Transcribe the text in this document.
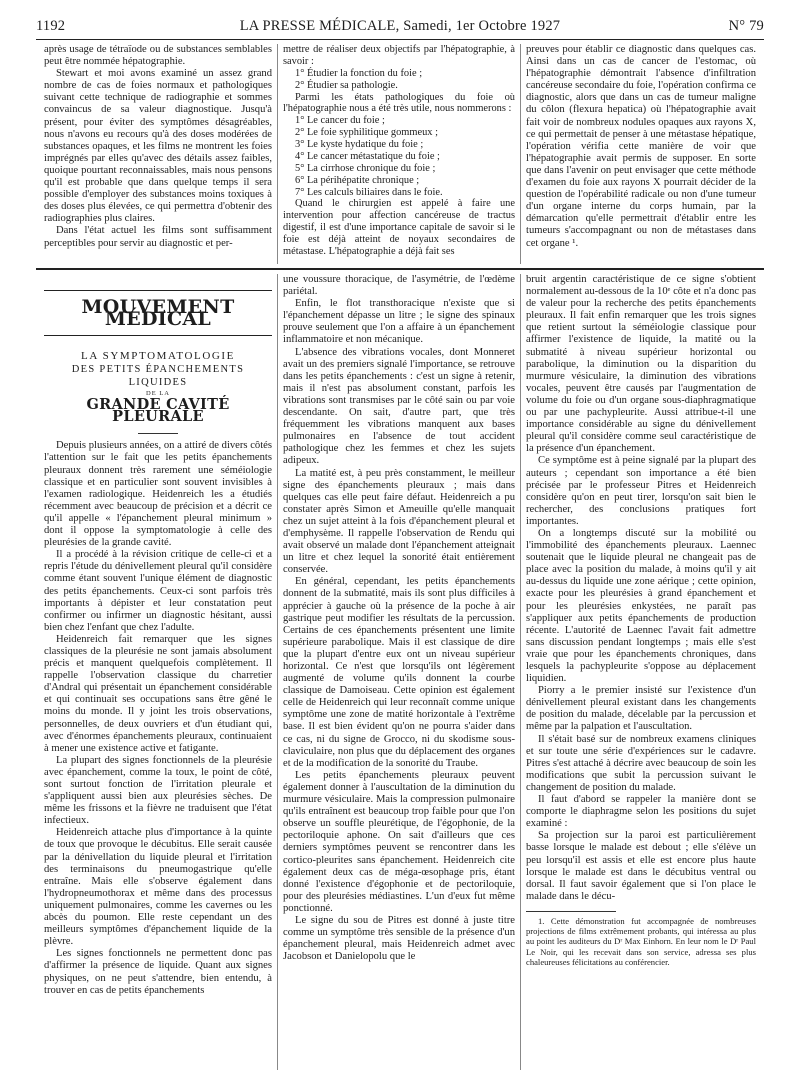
1192	LA PRESSE MÉDICALE, Samedi, 1er Octobre 1927	N° 79

après usage de tétraïode ou de substances semblables peut être nommée hépatographie.

Stewart et moi avons examiné un assez grand nombre de cas de foies normaux et pathologiques suivant cette technique de radiographie et sommes convaincus de sa valeur diagnostique. Jusqu'à présent, pour éviter des symptômes désagréables, nous n'avons eu recours qu'à des doses modérées de substances opaques, et les films ne montrent les foies imprégnés par elles qu'avec des détails assez faibles, quoique pourtant reconnaissables, mais nous pensons qu'il est probable que dans quelque temps il sera possible d'employer des substances moins toxiques à des doses plus élevées, ce qui permettra d'obtenir des radiographies plus claires.

Dans l'état actuel les films sont suffisamment perceptibles pour servir au diagnostic et per-

mettre de réaliser deux objectifs par l'hépatographie, à savoir :

1° Étudier la fonction du foie ;

2° Étudier sa pathologie.

Parmi les états pathologiques du foie où l'hépatographie nous a été très utile, nous nommerons :

1° Le cancer du foie ;

2° Le foie syphilitique gommeux ;

3° Le kyste hydatique du foie ;

4° Le cancer métastatique du foie ;

5° La cirrhose chronique du foie ;

6° La périhépatite chronique ;

7° Les calculs biliaires dans le foie.

Quand le chirurgien est appelé à faire une intervention pour affection cancéreuse de tractus digestif, il est d'une importance capitale de savoir si le foie est déjà atteint de noyaux secondaires de métastase. L'hépatographie a déjà fait ses

preuves pour établir ce diagnostic dans quelques cas. Ainsi dans un cas de cancer de l'estomac, où l'hépatographie démontrait l'absence d'infiltration cancéreuse secondaire du foie, l'opération confirma ce diagnostic, alors que dans un cas de tumeur maligne du côlon (flexura hepatica) où l'hépatographie avait fait voir de nombreux nodules opaques aux rayons X, ce qui permettait de penser à une métastase hépatique, l'opération vérifia cette manière de voir que l'hépatographie avait permis de supposer. En sorte que dans l'avenir on peut envisager que cette méthode d'examen du foie aux rayons X pourrait décider de la question de l'opérabilité radicale ou non d'une tumeur d'un organe interne du corps humain, par la démarcation qu'elle permettrait d'établir entre les tumeurs s'accompagnant ou non de métastases dans cet organe ¹.

MOUVEMENT MÉDICAL
LA SYMPTOMATOLOGIE
DES PETITS ÉPANCHEMENTS LIQUIDES
DE LA
GRANDE CAVITÉ PLEURALE

Depuis plusieurs années, on a attiré de divers côtés l'attention sur le fait que les petits épanchements pleuraux donnent très rarement une séméiologie classique et en particulier sont souvent invisibles à l'examen radiologique. Heidenreich les a étudiés récemment avec beaucoup de précision et a décrit ce qu'il appelle « l'épanchement pleural minimum » dont il oppose la symptomatologie à celle des pleurésies de la grande cavité.

Il a procédé à la révision critique de celle-ci et a repris l'étude du dénivellement pleural qu'il considère comme étant souvent l'unique élément de diagnostic des petits épanchements. Ceux-ci sont parfois très importants à dépister et leur constatation peut confirmer ou infirmer un diagnostic hésitant, aussi bien chez l'enfant que chez l'adulte.

Heidenreich fait remarquer que les signes classiques de la pleurésie ne sont jamais absolument précis et manquent quelquefois complètement. Il rappelle l'observation classique du charretier d'Andral qui présentait un épanchement considérable et qui continuait ses occupations sans être gêné le moins du monde. Il y joint les trois observations, personnelles, de deux ouvriers et d'un étudiant qui, avec d'énormes épanchements pleuraux, continuaient à mener une existence active et fatigante.

La plupart des signes fonctionnels de la pleurésie avec épanchement, comme la toux, le point de côté, sont surtout fonction de l'irritation pleurale et s'appliquent aussi bien aux pleurésies sèches. De même les frissons et la fièvre ne traduisent que l'état infectieux.

Heidenreich attache plus d'importance à la quinte de toux que provoque le décubitus. Elle serait causée par la dénivellation du liquide pleural et l'irritation des terminaisons du pneumogastrique qu'elle entraîne. Mais elle s'observe également dans l'hydropneumothorax et même dans des processus uniquement pulmonaires, comme les cavernes ou les abcès du poumon. Elle reste cependant un des meilleurs symptômes d'épanchement liquide de la plèvre.

Les signes fonctionnels ne permettent donc pas d'affirmer la présence de liquide. Quant aux signes physiques, on ne peut s'attendre, bien entendu, à trouver en cas de petits épanchements

une voussure thoracique, de l'asymétrie, de l'œdème pariétal.

Enfin, le flot transthoracique n'existe que si l'épanchement dépasse un litre ; le signe des spinaux prouve seulement que l'on a affaire à un épanchement inflammatoire et non mécanique.

L'absence des vibrations vocales, dont Monneret avait un des premiers signalé l'importance, se retrouve dans les petits épanchements : c'est un signe à retenir, mais il n'est pas absolument constant, parfois les vibrations sont transmises par le côté sain ou par voie descendante. On sait, d'autre part, que très fréquemment les vibrations manquent aux bases pulmonaires en l'absence de tout accident pathologique chez les femmes et chez les sujets adipeux.

La matité est, à peu près constamment, le meilleur signe des épanchements pleuraux ; mais dans quelques cas elle peut faire défaut. Heidenreich a pu constater après Simon et Ameuille qu'elle manquait chez un sujet atteint à la fois d'épanchement pleural et d'emphysème. Il rappelle l'observation de Rendu qui avait observé un malade dont l'épanchement atteignait un litre et chez lequel la sonorité était entièrement conservée.

En général, cependant, les petits épanchements donnent de la submatité, mais ils sont plus difficiles à apprécier à gauche où la présence de la poche à air gastrique peut modifier les résultats de la percussion. Certains de ces épanchements présentent une limite supérieure parabolique. Mais il est classique de dire que la plupart d'entre eux ont un niveau supérieur horizontal. Ce n'est que lorsqu'ils ont légèrement augmenté de volume qu'ils donnent la courbe classique de Damoiseau. Cette opinion est également celle de Heidenreich qui leur reconnaît comme unique symptôme une zone de matité horizontale à l'extrême base. Il est bien évident qu'on ne pourra s'aider dans ce cas, ni du signe de Grocco, ni du skodisme sous-claviculaire, non plus que du déplacement des organes et de la modification de la sonorité du Traube.

Les petits épanchements pleuraux peuvent également donner à l'auscultation de la diminution du murmure vésiculaire. Mais la compression pulmonaire qu'ils entraînent est beaucoup trop faible pour que l'on observe un souffle pleurétique, de l'égophonie, de la pectoriloquie aphone. On sait d'ailleurs que ces derniers symptômes peuvent se rencontrer dans les cortico-pleurites sans épanchement. Heidenreich cite également deux cas de méga-œsophage pris, étant donné l'existence d'égophonie et de pectoriloquie, pour des pleurésies médiastines. L'un d'eux fut même ponctionné.

Le signe du sou de Pitres est donné à juste titre comme un symptôme très sensible de la présence d'un épanchement pleural, mais Heidenreich admet avec Jacobson et Danielopolu que le

bruit argentin caractéristique de ce signe s'obtient normalement au-dessous de la 10ᵉ côte et n'a donc pas de valeur pour la recherche des petits épanchements pleuraux. Il fait enfin remarquer que les trois signes que retient surtout la séméiologie classique pour affirmer l'existence de liquide, la matité ou la submatité à niveau supérieur horizontal ou parabolique, la diminution ou la disparition du murmure vésiculaire, la diminution des vibrations vocales, peuvent être causés par l'augmentation de volume du foie ou d'un organe sous-diaphragmatique ou par une pachypleurite. Aussi attribue-t-il une importance considérable au signe du dénivellement pleural qu'il considère comme seul caractéristique de la présence d'un épanchement.

Ce symptôme est à peine signalé par la plupart des auteurs ; cependant son importance a été bien précisée par le professeur Pitres et Heidenreich considère qu'on en peut tirer, lorsqu'on sait bien le rechercher, des conclusions pratiques fort importantes.

On a longtemps discuté sur la mobilité ou l'immobilité des épanchements pleuraux. Laennec soutenait que le liquide pleural ne changeait pas de place avec la position du malade, à moins qu'il y ait au-dessus du liquide une zone aérique ; cette opinion, exacte pour les pleurésies à grand épanchement et pour les pleurésies enkystées, ne paraît pas s'appliquer aux petits épanchements de production récente. L'autorité de Laennec l'avait fait admettre sans discussion pendant longtemps ; mais elle s'est vraie que pour les épanchements chroniques, dans lesquels la pachypleurite s'oppose au déplacement liquidien.

Piorry a le premier insisté sur l'existence d'un dénivellement pleural existant dans les changements de position du malade, décelable par la percussion et même par la palpation et l'auscultation.

Il s'était basé sur de nombreux examens cliniques et sur toute une série d'expériences sur le cadavre. Pitres s'est attaché à décrire avec beaucoup de soin les modifications que subit la percussion suivant le changement de position du malade.

Il faut d'abord se rappeler la manière dont se comporte le diaphragme selon les positions du sujet examiné :

Sa projection sur la paroi est particulièrement basse lorsque le malade est debout ; elle s'élève un peu lorsqu'il est assis et elle est encore plus haute lorsque le malade est dans le décubitus ventral ou dorsal. Il faut savoir également que si l'on place le malade dans le décu-

1. Cette démonstration fut accompagnée de nombreuses projections de films extrêmement probants, qui intéressa au plus au point les auditeurs du Dʳ Max Einhorn. En leur nom le Dʳ Paul Le Noir, qui les recevait dans son service, adressa ses plus chaleureuses félicitations au conférencier.
